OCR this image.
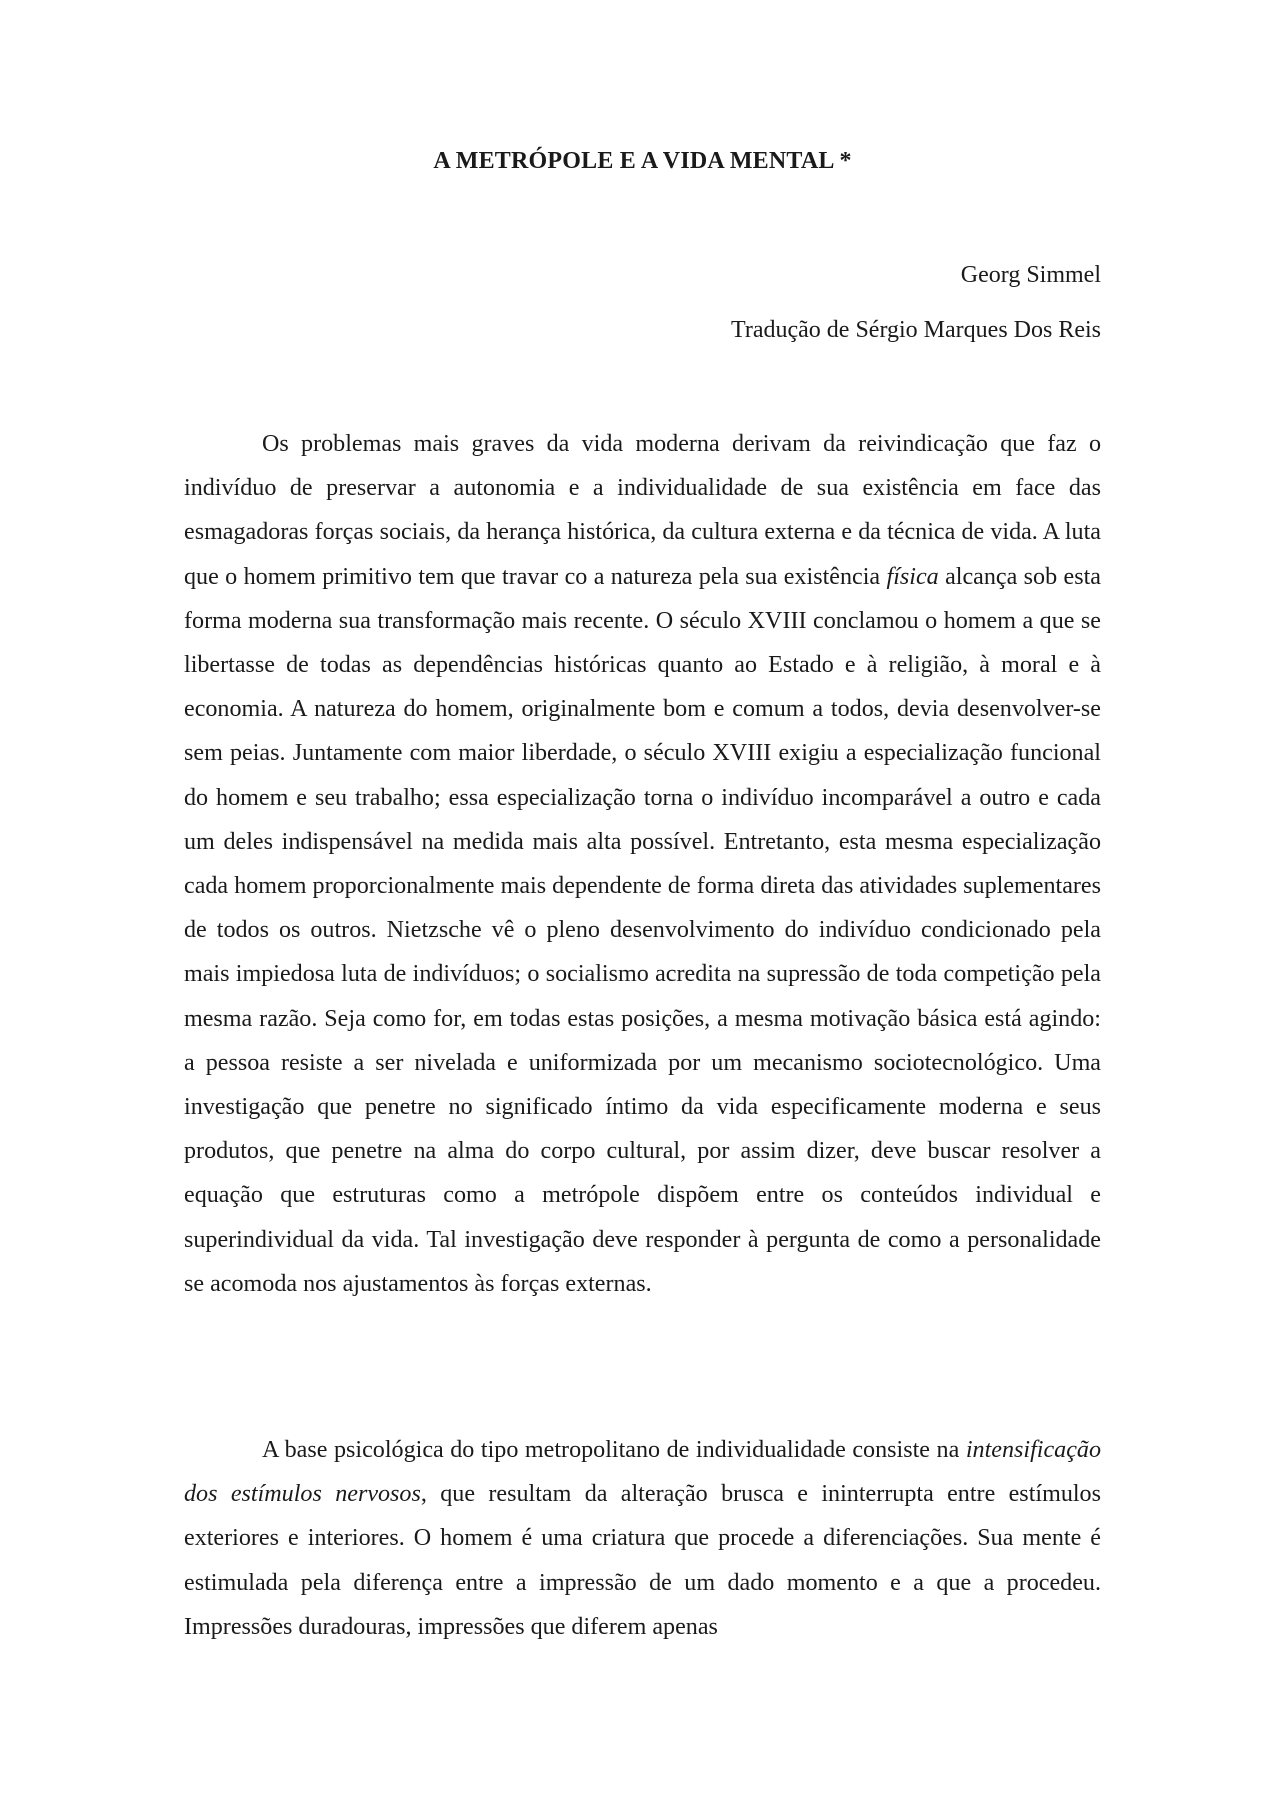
A METRÓPOLE E A VIDA MENTAL *

Georg Simmel

Tradução de Sérgio Marques Dos Reis

Os problemas mais graves da vida moderna derivam da reivindicação que faz o indivíduo de preservar a autonomia e a individualidade de sua existência em face das esmagadoras forças sociais, da herança histórica, da cultura externa e da técnica de vida. A luta que o homem primitivo tem que travar co a natureza pela sua existência física alcança sob esta forma moderna sua transformação mais recente. O século XVIII conclamou o homem a que se libertasse de todas as dependências históricas quanto ao Estado e à religião, à moral e à economia. A natureza do homem, originalmente bom e comum a todos, devia desenvolver-se sem peias. Juntamente com maior liberdade, o século XVIII exigiu a especialização funcional do homem e seu trabalho; essa especialização torna o indivíduo incomparável a outro e cada um deles indispensável na medida mais alta possível. Entretanto, esta mesma especialização cada homem proporcionalmente mais dependente de forma direta das atividades suplementares de todos os outros. Nietzsche vê o pleno desenvolvimento do indivíduo condicionado pela mais impiedosa luta de indivíduos; o socialismo acredita na supressão de toda competição pela mesma razão. Seja como for, em todas estas posições, a mesma motivação básica está agindo: a pessoa resiste a ser nivelada e uniformizada por um mecanismo sociotecnológico. Uma investigação que penetre no significado íntimo da vida especificamente moderna e seus produtos, que penetre na alma do corpo cultural, por assim dizer, deve buscar resolver a equação que estruturas como a metrópole dispõem entre os conteúdos individual e superindividual da vida. Tal investigação deve responder à pergunta de como a personalidade se acomoda nos ajustamentos às forças externas.

A base psicológica do tipo metropolitano de individualidade consiste na intensificação dos estímulos nervosos, que resultam da alteração brusca e ininterrupta entre estímulos exteriores e interiores. O homem é uma criatura que procede a diferenciações. Sua mente é estimulada pela diferença entre a impressão de um dado momento e a que a procedeu. Impressões duradouras, impressões que diferem apenas
